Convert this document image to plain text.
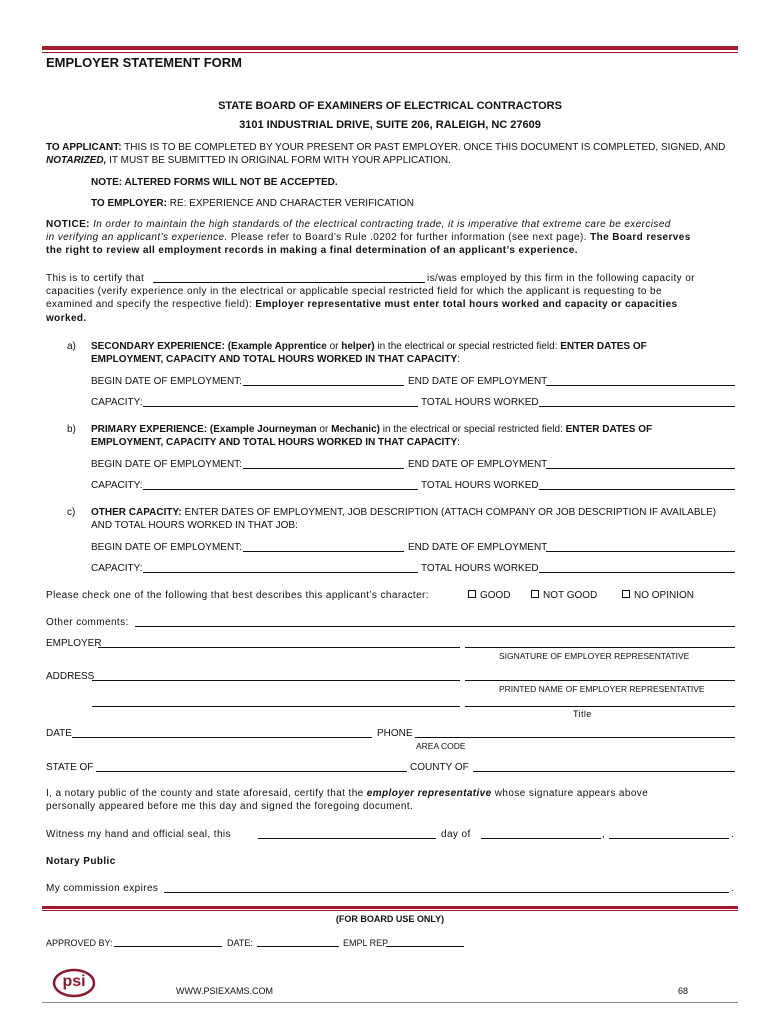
EMPLOYER STATEMENT FORM
STATE BOARD OF EXAMINERS OF ELECTRICAL CONTRACTORS
3101 INDUSTRIAL DRIVE, SUITE 206, RALEIGH, NC 27609
TO APPLICANT: THIS IS TO BE COMPLETED BY YOUR PRESENT OR PAST EMPLOYER. ONCE THIS DOCUMENT IS COMPLETED, SIGNED, AND
NOTARIZED, IT MUST BE SUBMITTED IN ORIGINAL FORM WITH YOUR APPLICATION.
NOTE: ALTERED FORMS WILL NOT BE ACCEPTED.
TO EMPLOYER: RE: EXPERIENCE AND CHARACTER VERIFICATION
NOTICE: In order to maintain the high standards of the electrical contracting trade, it is imperative that extreme care be exercised
in verifying an applicant’s experience. Please refer to Board’s Rule .0202 for further information (see next page). The Board reserves
the right to review all employment records in making a final determination of an applicant’s experience.
This is to certify that	is/was employed by this firm in the following capacity or
capacities (verify experience only in the electrical or applicable special restricted field for which the applicant is requesting to be
examined and specify the respective field): Employer representative must enter total hours worked and capacity or capacities
worked.
a) SECONDARY EXPERIENCE: (Example Apprentice or helper) in the electrical or special restricted field: ENTER DATES OF
EMPLOYMENT, CAPACITY AND TOTAL HOURS WORKED IN THAT CAPACITY:
BEGIN DATE OF EMPLOYMENT:	END DATE OF EMPLOYMENT
CAPACITY:	TOTAL HOURS WORKED
b) PRIMARY EXPERIENCE: (Example Journeyman or Mechanic) in the electrical or special restricted field: ENTER DATES OF
EMPLOYMENT, CAPACITY AND TOTAL HOURS WORKED IN THAT CAPACITY:
BEGIN DATE OF EMPLOYMENT:	END DATE OF EMPLOYMENT
CAPACITY:	TOTAL HOURS WORKED
c) OTHER CAPACITY: ENTER DATES OF EMPLOYMENT, JOB DESCRIPTION (ATTACH COMPANY OR JOB DESCRIPTION IF AVAILABLE)
AND TOTAL HOURS WORKED IN THAT JOB:
BEGIN DATE OF EMPLOYMENT:	END DATE OF EMPLOYMENT
CAPACITY:	TOTAL HOURS WORKED
Please check one of the following that best describes this applicant’s character:	GOOD	NOT GOOD	NO OPINION
Other comments:
EMPLOYER
SIGNATURE OF EMPLOYER REPRESENTATIVE
ADDRESS
PRINTED NAME OF EMPLOYER REPRESENTATIVE
Title
DATE	PHONE
AREA CODE
STATE OF	COUNTY OF
I, a notary public of the county and state aforesaid, certify that the employer representative whose signature appears above
personally appeared before me this day and signed the foregoing document.
Witness my hand and official seal, this	day of	,	.
Notary Public
My commission expires	.
(FOR BOARD USE ONLY)
APPROVED BY:	DATE:	EMPL REP
psi
WWW.PSIEXAMS.COM	68
